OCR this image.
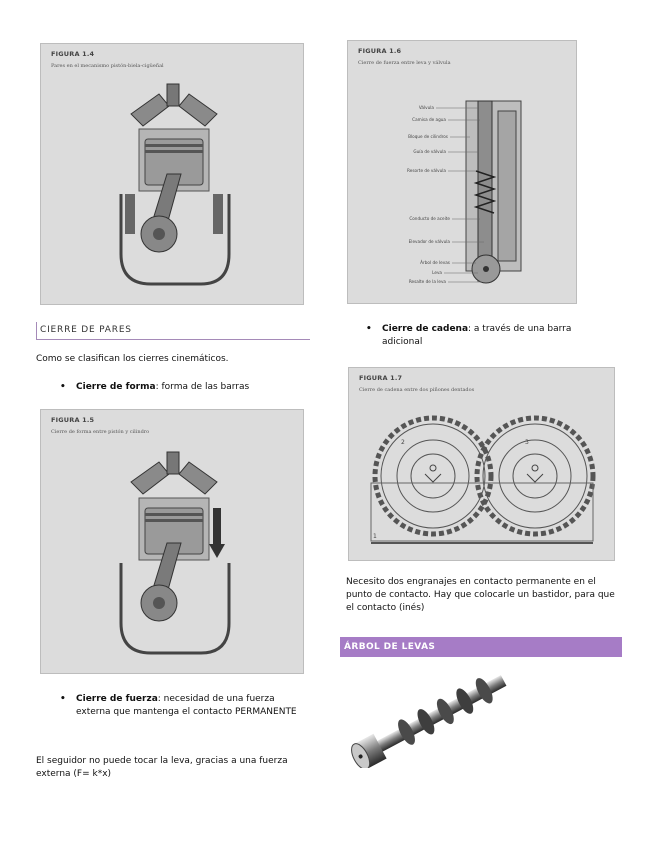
FIGURA 1.4
Pares en el mecanismo pistón-biela-cigüeñal
Válvula
Camisa de agua
Bloque de cilindros
Guía de válvula
Resorte de válvula
Conducto de aceite
Elevador de válvula
Árbol de levas
Leva
Resalte de la leva
FIGURA 1.6
Cierre de fuerza entre leva y válvula
CIERRE DE PARES
Como se clasifican los cierres cinemáticos.
• Cierre de forma: forma de las barras
FIGURA 1.5
Cierre de forma entre pistón y cilindro
• Cierre de fuerza: necesidad de una fuerza externa que mantenga el contacto PERMANENTE
El seguidor no puede tocar la leva, gracias a una fuerza externa (F= k*x)
• Cierre de cadena: a través de una barra adicional
2	3
1
FIGURA 1.7
Cierre de cadena entre dos piñones dentados
Necesito dos engranajes en contacto permanente en el punto de contacto. Hay que colocarle un bastidor, para que el contacto (inés)
ÁRBOL DE LEVAS
